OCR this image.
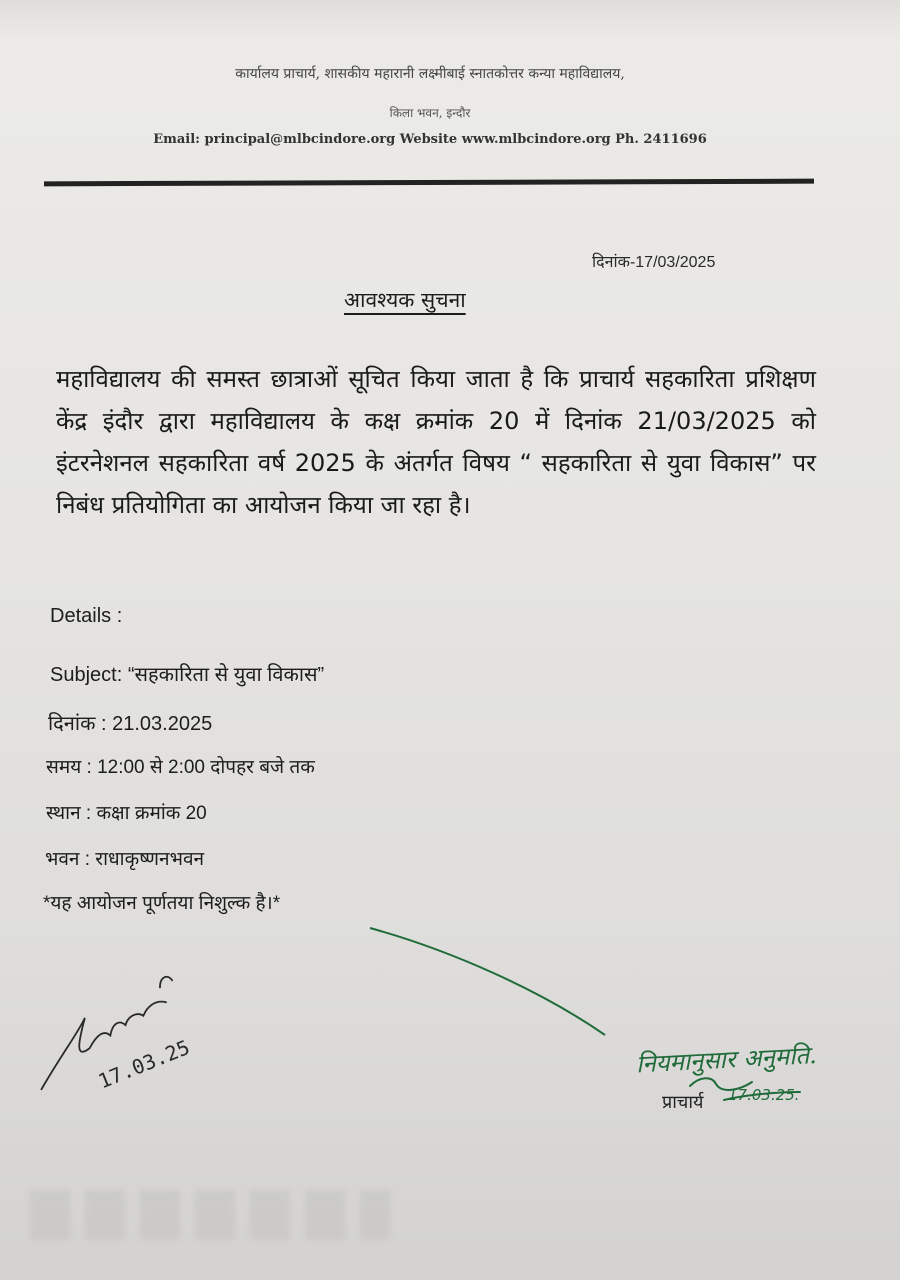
कार्यालय प्राचार्य, शासकीय महारानी लक्ष्मीबाई स्नातकोत्तर कन्या महाविद्यालय,
किला भवन, इन्दौर
Email: principal@mlbcindore.org Website www.mlbcindore.org Ph. 2411696
दिनांक-17/03/2025
आवश्यक सुचना
महाविद्यालय की समस्त छात्राओं सूचित किया जाता है कि प्राचार्य सहकारिता प्रशिक्षण केंद्र इंदौर द्वारा महाविद्यालय के कक्ष क्रमांक 20 में दिनांक 21/03/2025 को इंटरनेशनल सहकारिता वर्ष 2025 के अंतर्गत विषय “ सहकारिता से युवा विकास” पर निबंध प्रतियोगिता का आयोजन किया जा रहा है।
Details :
Subject: “सहकारिता से युवा विकास”
दिनांक : 21.03.2025
समय : 12:00 से 2:00 दोपहर बजे तक
स्थान : कक्षा क्रमांक 20
भवन : राधाकृष्णनभवन
*यह आयोजन पूर्णतया निशुल्क है।*
17.03.25	नियमानुसार अनुमति.
17.03.25.
प्राचार्य
